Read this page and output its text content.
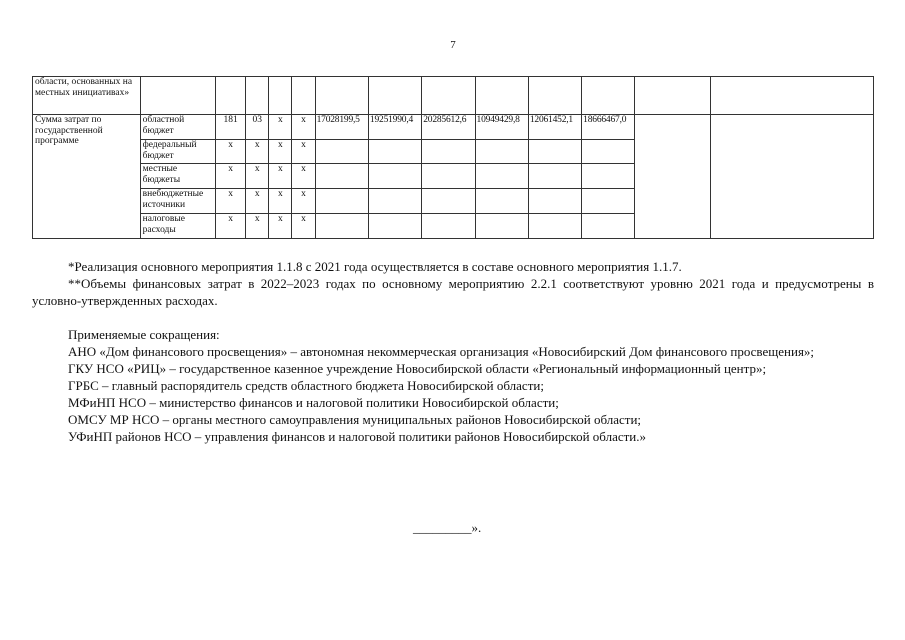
7
области, основанных на местных инициативах»													
Сумма затрат по государственной программе	областной бюджет	181	03	x	x	17028199,5	19251990,4	20285612,6	10949429,8	12061452,1	18666467,0		
	федеральный бюджет	x	x	x	x								
	местные бюджеты	x	x	x	x								
	внебюджетные источники	x	x	x	x								
	налоговые расходы	x	x	x	x								

*Реализация основного мероприятия 1.1.8 с 2021 года осуществляется в составе основного мероприятия 1.1.7.

**Объемы финансовых затрат в 2022–2023 годах по основному мероприятию 2.2.1 соответствуют уровню 2021 года и предусмотрены в условно-утвержденных расходах.

Применяемые сокращения:

АНО «Дом финансового просвещения» – автономная некоммерческая организация «Новосибирский Дом финансового просвещения»;

ГКУ НСО «РИЦ» – государственное казенное учреждение Новосибирской области «Региональный информационный центр»;

ГРБС – главный распорядитель средств областного бюджета Новосибирской области;

МФиНП НСО – министерство финансов и налоговой политики Новосибирской области;

ОМСУ МР НСО – органы местного самоуправления муниципальных районов Новосибирской области;

УФиНП районов НСО – управления финансов и налоговой политики районов Новосибирской области.»

_________».
